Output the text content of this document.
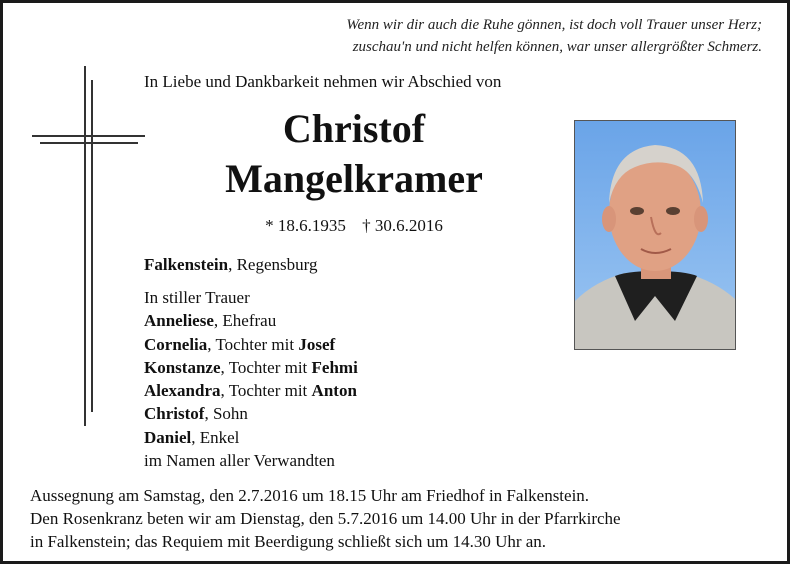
Wenn wir dir auch die Ruhe gönnen, ist doch voll Trauer unser Herz;
zuschau'n und nicht helfen können, war unser allergrößter Schmerz.
In Liebe und Dankbarkeit nehmen wir Abschied von
Christof
Mangelkramer
* 18.6.1935 † 30.6.2016
Falkenstein, Regensburg
In stiller Trauer
Anneliese, Ehefrau
Cornelia, Tochter mit Josef
Konstanze, Tochter mit Fehmi
Alexandra, Tochter mit Anton
Christof, Sohn
Daniel, Enkel
im Namen aller Verwandten
Aussegnung am Samstag, den 2.7.2016 um 18.15 Uhr am Friedhof in Falkenstein.
Den Rosenkranz beten wir am Dienstag, den 5.7.2016 um 14.00 Uhr in der Pfarrkirche
in Falkenstein; das Requiem mit Beerdigung schließt sich um 14.30 Uhr an.
